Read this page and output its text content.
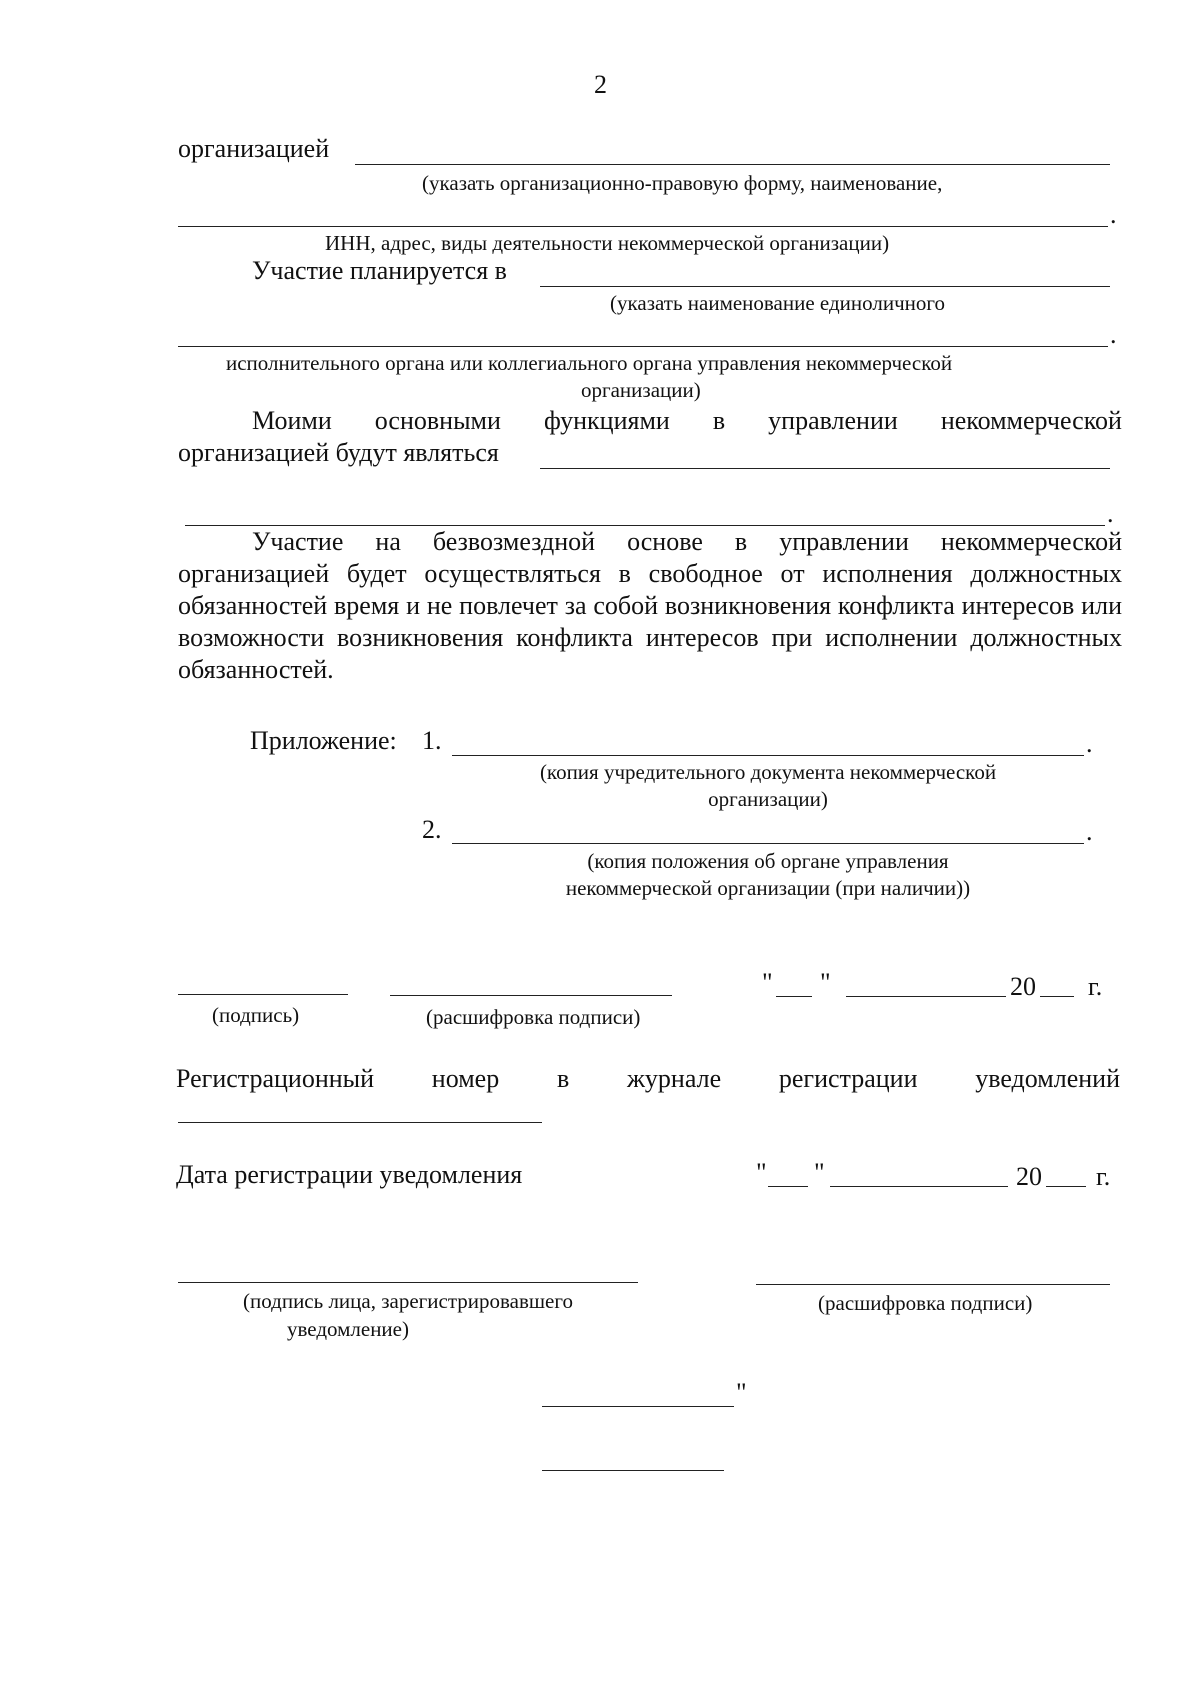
2
организацией
(указать организационно-правовую форму, наименование,
.
ИНН, адрес, виды деятельности некоммерческой организации)
Участие планируется в
(указать наименование единоличного
.
исполнительного органа или коллегиального органа управления некоммерческой
организации)
Моими основными функциями в управлении некоммерческой
организацией будут являться
.
Участие на безвозмездной основе в управлении некоммерческой организацией будет осуществляться в свободное от исполнения должностных обязанностей время и не повлечет за собой возникновения конфликта интересов или возможности возникновения конфликта интересов при исполнении должностных обязанностей.
Приложение: 1.	.
(копия учредительного документа некоммерческой
организации)
2.	.
(копия положения об органе управления
некоммерческой организации (при наличии))
(подпись)	(расшифровка подписи)
" "	20 г.
Регистрационный номер в журнале регистрации уведомлений
Дата регистрации уведомления	" "	20 г.
(подпись лица, зарегистрировавшего
уведомление)
(расшифровка подписи)
"
